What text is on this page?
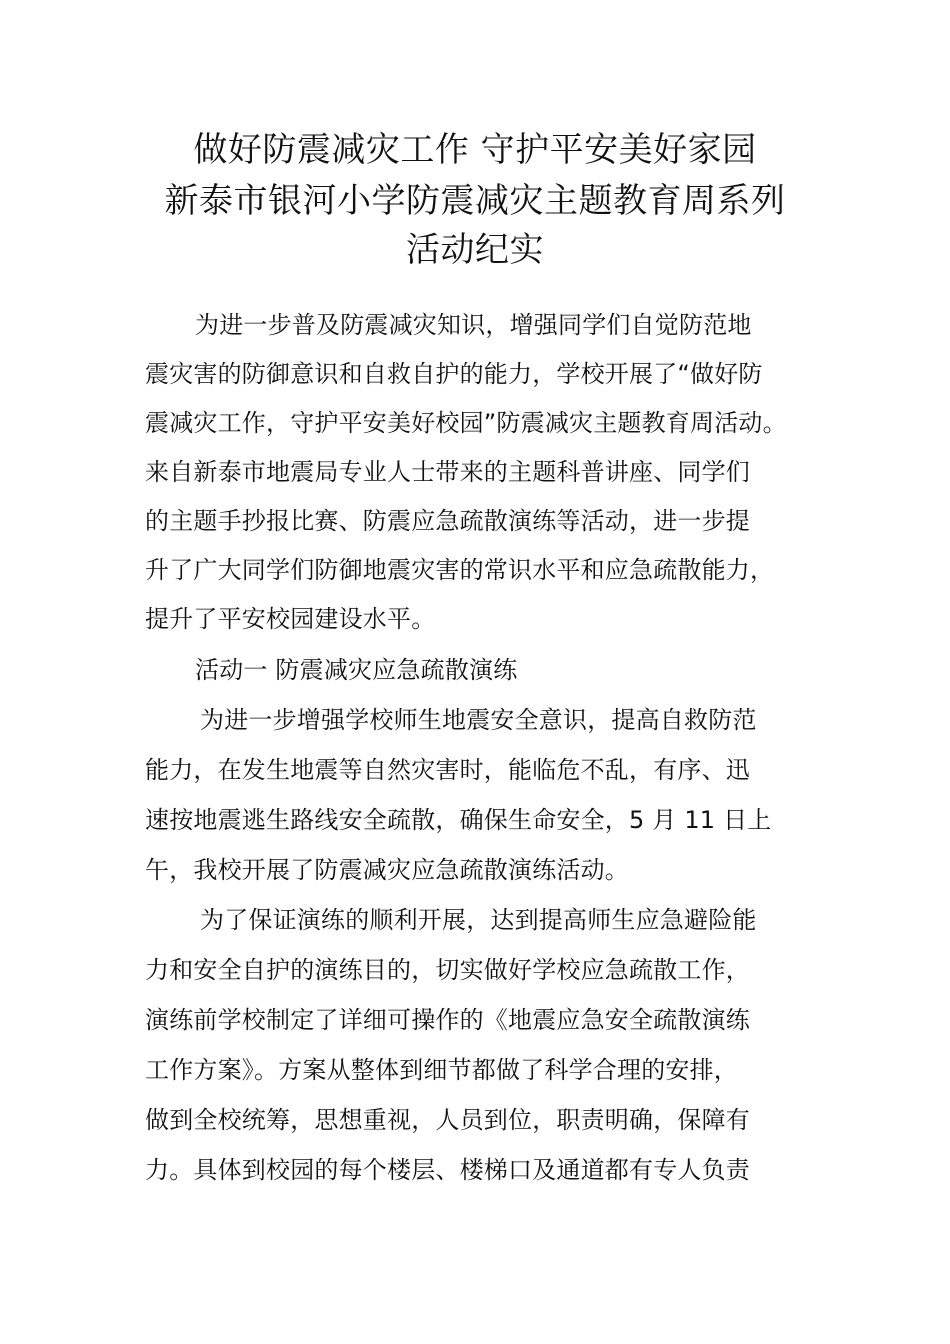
做好防震减灾工作 守护平安美好家园
新泰市银河小学防震减灾主题教育周系列
活动纪实
为进一步普及防震减灾知识，增强同学们自觉防范地
震灾害的防御意识和自救自护的能力，学校开展了“做好防
震减灾工作，守护平安美好校园”防震减灾主题教育周活动。
来自新泰市地震局专业人士带来的主题科普讲座、同学们
的主题手抄报比赛、防震应急疏散演练等活动，进一步提
升了广大同学们防御地震灾害的常识水平和应急疏散能力，
提升了平安校园建设水平。
活动一 防震减灾应急疏散演练
为进一步增强学校师生地震安全意识，提高自救防范
能力，在发生地震等自然灾害时，能临危不乱，有序、迅
速按地震逃生路线安全疏散，确保生命安全，5 月 11 日上
午，我校开展了防震减灾应急疏散演练活动。
为了保证演练的顺利开展，达到提高师生应急避险能
力和安全自护的演练目的，切实做好学校应急疏散工作，
演练前学校制定了详细可操作的《地震应急安全疏散演练
工作方案》。方案从整体到细节都做了科学合理的安排，
做到全校统筹，思想重视，人员到位，职责明确，保障有
力。具体到校园的每个楼层、楼梯口及通道都有专人负责
